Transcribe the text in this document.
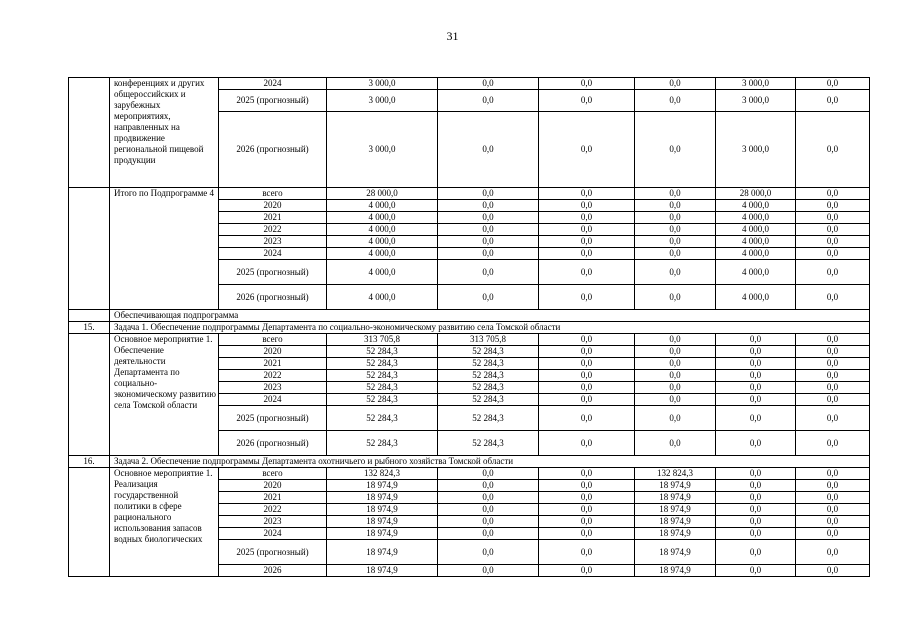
31
	конференциях и других общероссийских и зарубежных мероприятиях, направленных на продвижение региональной пищевой продукции	2024	3 000,0	0,0	0,0	0,0	3 000,0	0,0
		2025 (прогнозный)	3 000,0	0,0	0,0	0,0	3 000,0	0,0
		2026 (прогнозный)	3 000,0	0,0	0,0	0,0	3 000,0	0,0
	Итого по Подпрограмме 4	всего	28 000,0	0,0	0,0	0,0	28 000,0	0,0
		2020	4 000,0	0,0	0,0	0,0	4 000,0	0,0
		2021	4 000,0	0,0	0,0	0,0	4 000,0	0,0
		2022	4 000,0	0,0	0,0	0,0	4 000,0	0,0
		2023	4 000,0	0,0	0,0	0,0	4 000,0	0,0
		2024	4 000,0	0,0	0,0	0,0	4 000,0	0,0
		2025 (прогнозный)	4 000,0	0,0	0,0	0,0	4 000,0	0,0
		2026 (прогнозный)	4 000,0	0,0	0,0	0,0	4 000,0	0,0
	Обеспечивающая подпрограмма							
15.	Задача 1. Обеспечение подпрограммы Департамента по социально-экономическому развитию села Томской области							
	Основное мероприятие 1. Обеспечение деятельности Департамента по социально-экономическому развитию села Томской области	всего	313 705,8	313 705,8	0,0	0,0	0,0	0,0
		2020	52 284,3	52 284,3	0,0	0,0	0,0	0,0
		2021	52 284,3	52 284,3	0,0	0,0	0,0	0,0
		2022	52 284,3	52 284,3	0,0	0,0	0,0	0,0
		2023	52 284,3	52 284,3	0,0	0,0	0,0	0,0
		2024	52 284,3	52 284,3	0,0	0,0	0,0	0,0
		2025 (прогнозный)	52 284,3	52 284,3	0,0	0,0	0,0	0,0
		2026 (прогнозный)	52 284,3	52 284,3	0,0	0,0	0,0	0,0
16.	Задача 2. Обеспечение подпрограммы Департамента охотничьего и рыбного хозяйства Томской области							
	Основное мероприятие 1. Реализация государственной политики в сфере рационального использования запасов водных биологических	всего	132 824,3	0,0	0,0	132 824,3	0,0	0,0
		2020	18 974,9	0,0	0,0	18 974,9	0,0	0,0
		2021	18 974,9	0,0	0,0	18 974,9	0,0	0,0
		2022	18 974,9	0,0	0,0	18 974,9	0,0	0,0
		2023	18 974,9	0,0	0,0	18 974,9	0,0	0,0
		2024	18 974,9	0,0	0,0	18 974,9	0,0	0,0
		2025 (прогнозный)	18 974,9	0,0	0,0	18 974,9	0,0	0,0
		2026	18 974,9	0,0	0,0	18 974,9	0,0	0,0
